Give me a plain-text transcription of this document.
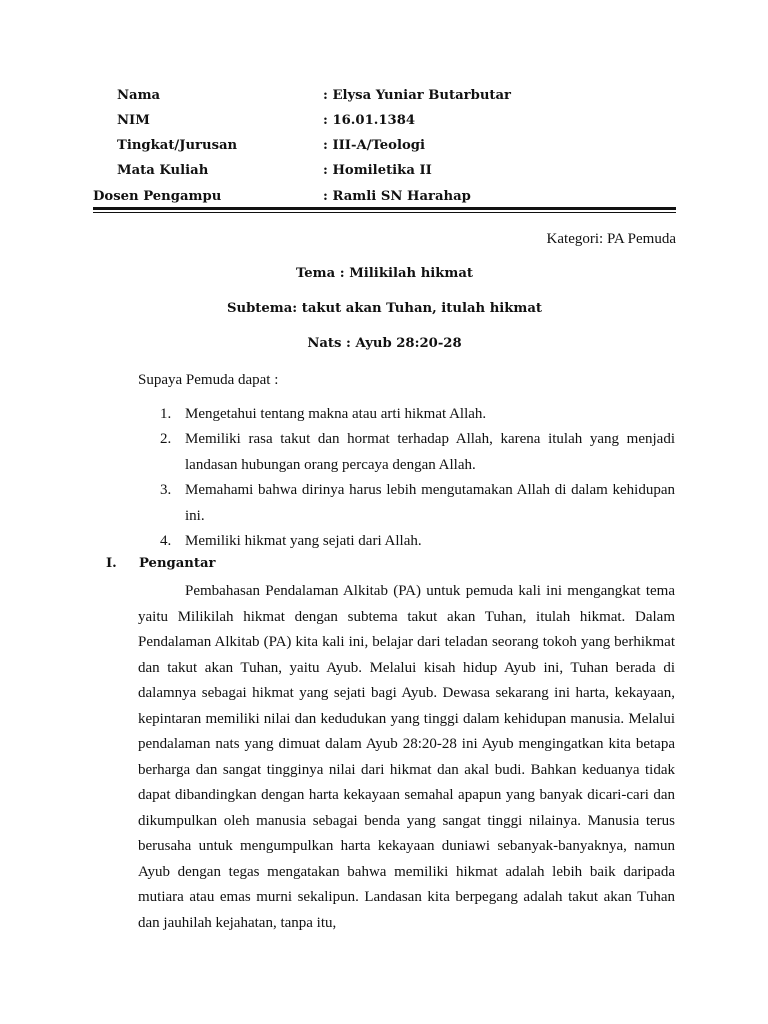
Nama	: Elysa Yuniar Butarbutar
NIM	: 16.01.1384
Tingkat/Jurusan	: III-A/Teologi
Mata Kuliah	: Homiletika II
Dosen Pengampu	: Ramli SN Harahap
Kategori: PA Pemuda
Tema : Milikilah hikmat
Subtema: takut akan Tuhan, itulah hikmat
Nats : Ayub 28:20-28
Supaya Pemuda dapat :
1. Mengetahui tentang makna atau arti hikmat Allah.
2. Memiliki rasa takut dan hormat terhadap Allah, karena itulah yang menjadi landasan hubungan orang percaya dengan Allah.
3. Memahami bahwa dirinya harus lebih mengutamakan Allah di dalam kehidupan ini.
4. Memiliki hikmat yang sejati dari Allah.
I. Pengantar

Pembahasan Pendalaman Alkitab (PA) untuk pemuda kali ini mengangkat tema yaitu Milikilah hikmat dengan subtema takut akan Tuhan, itulah hikmat. Dalam Pendalaman Alkitab (PA) kita kali ini, belajar dari teladan seorang tokoh yang berhikmat dan takut akan Tuhan, yaitu Ayub. Melalui kisah hidup Ayub ini, Tuhan berada di dalamnya sebagai hikmat yang sejati bagi Ayub. Dewasa sekarang ini harta, kekayaan, kepintaran memiliki nilai dan kedudukan yang tinggi dalam kehidupan manusia. Melalui pendalaman nats yang dimuat dalam Ayub 28:20-28 ini Ayub mengingatkan kita betapa berharga dan sangat tingginya nilai dari hikmat dan akal budi. Bahkan keduanya tidak dapat dibandingkan dengan harta kekayaan semahal apapun yang banyak dicari-cari dan dikumpulkan oleh manusia sebagai benda yang sangat tinggi nilainya. Manusia terus berusaha untuk mengumpulkan harta kekayaan duniawi sebanyak-banyaknya, namun Ayub dengan tegas mengatakan bahwa memiliki hikmat adalah lebih baik daripada mutiara atau emas murni sekalipun. Landasan kita berpegang adalah takut akan Tuhan dan jauhilah kejahatan, tanpa itu,
